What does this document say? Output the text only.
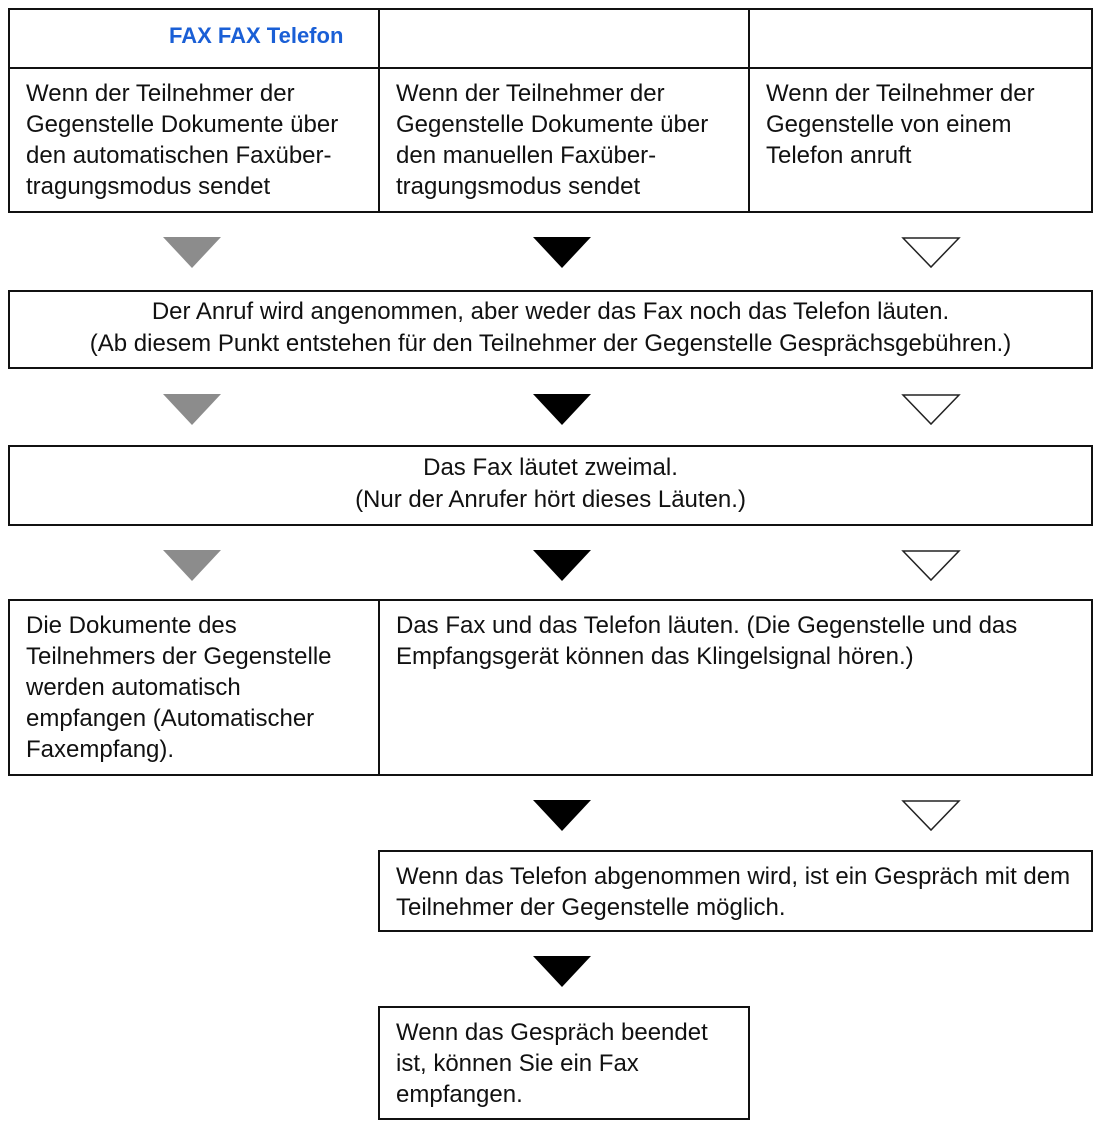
FAX FAX Telefon
Wenn der Teilnehmer der Gegenstelle Dokumente über den automatischen Faxüber-tragungsmodus sendet
Wenn der Teilnehmer der Gegenstelle Dokumente über den manuellen Faxüber-tragungsmodus sendet
Wenn der Teilnehmer der Gegenstelle von einem Telefon anruft
Der Anruf wird angenommen, aber weder das Fax noch das Telefon läuten.
(Ab diesem Punkt entstehen für den Teilnehmer der Gegenstelle Gesprächsgebühren.)
Das Fax läutet zweimal.
(Nur der Anrufer hört dieses Läuten.)
Die Dokumente des Teilnehmers der Gegenstelle werden automatisch empfangen (Automatischer Faxempfang).
Das Fax und das Telefon läuten. (Die Gegenstelle und das Empfangsgerät können das Klingelsignal hören.)
Wenn das Telefon abgenommen wird, ist ein Gespräch mit dem Teilnehmer der Gegenstelle möglich.
Wenn das Gespräch beendet ist, können Sie ein Fax empfangen.
